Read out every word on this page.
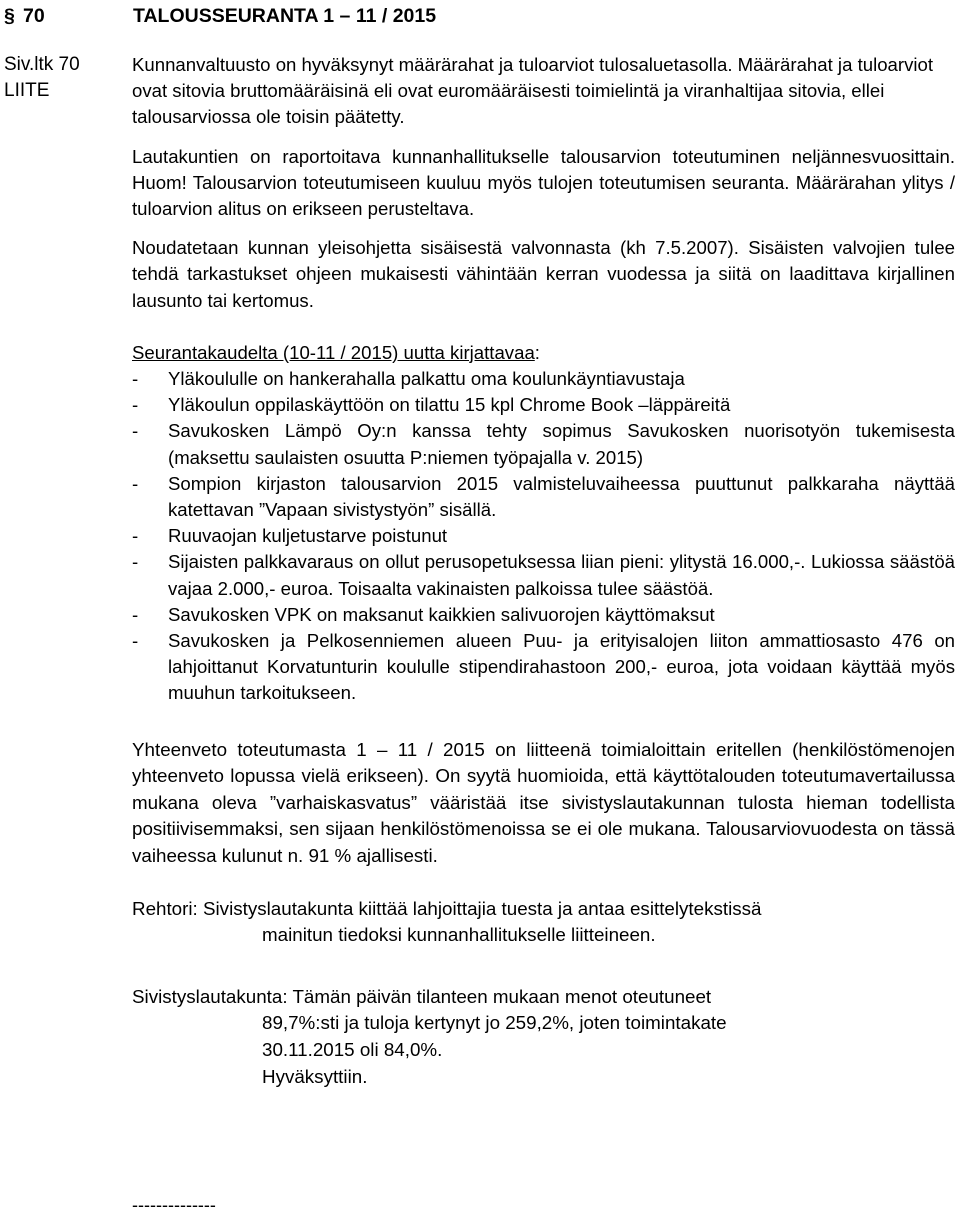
§ 70	TALOUSSEURANTA 1 – 11 / 2015
Siv.ltk 70
LIITE

Kunnanvaltuusto on hyväksynyt määrärahat ja tuloarviot tulosaluetasolla. Määrärahat ja tuloarviot ovat sitovia bruttomääräisinä eli ovat euromääräisesti toimielintä ja viranhaltijaa sitovia, ellei talousarviossa ole toisin päätetty.

Lautakuntien on raportoitava kunnanhallitukselle talousarvion toteutuminen neljännesvuosittain. Huom! Talousarvion toteutumiseen kuuluu myös tulojen toteutumisen seuranta. Määrärahan ylitys / tuloarvion alitus on erikseen perusteltava.

Noudatetaan kunnan yleisohjetta sisäisestä valvonnasta (kh 7.5.2007). Sisäisten valvojien tulee tehdä tarkastukset ohjeen mukaisesti vähintään kerran vuodessa ja siitä on laadittava kirjallinen lausunto tai kertomus.

Seurantakaudelta (10-11 / 2015) uutta kirjattavaa:

- Yläkoululle on hankerahalla palkattu oma koulunkäyntiavustaja
- Yläkoulun oppilaskäyttöön on tilattu 15 kpl Chrome Book –läppäreitä
- Savukosken Lämpö Oy:n kanssa tehty sopimus Savukosken nuorisotyön tukemisesta (maksettu saulaisten osuutta P:niemen työpajalla v. 2015)
- Sompion kirjaston talousarvion 2015 valmisteluvaiheessa puuttunut palkkaraha näyttää katettavan ”Vapaan sivistystyön” sisällä.
- Ruuvaojan kuljetustarve poistunut
- Sijaisten palkkavaraus on ollut perusopetuksessa liian pieni: ylitystä 16.000,-. Lukiossa säästöä vajaa 2.000,- euroa. Toisaalta vakinaisten palkoissa tulee säästöä.
- Savukosken VPK on maksanut kaikkien salivuorojen käyttömaksut
- Savukosken ja Pelkosenniemen alueen Puu- ja erityisalojen liiton ammattiosasto 476 on lahjoittanut Korvatunturin koululle stipendirahastoon 200,- euroa, jota voidaan käyttää myös muuhun tarkoitukseen.

Yhteenveto toteutumasta 1 – 11 / 2015 on liitteenä toimialoittain eritellen (henkilöstömenojen yhteenveto lopussa vielä erikseen). On syytä huomioida, että käyttötalouden toteutumavertailussa mukana oleva ”varhaiskasvatus” vääristää itse sivistyslautakunnan tulosta hieman todellista positiivisemmaksi, sen sijaan henkilöstömenoissa se ei ole mukana. Talousarviovuodesta on tässä vaiheessa kulunut n. 91 % ajallisesti.

Rehtori: Sivistyslautakunta kiittää lahjoittajia tuesta ja antaa esittelytekstissä
mainitun tiedoksi kunnanhallitukselle liitteineen.
Sivistyslautakunta: Tämän päivän tilanteen mukaan menot oteutuneet
89,7%:sti ja tuloja kertynyt jo 259,2%, joten toimintakate
30.11.2015 oli 84,0%.
Hyväksyttiin.
--------------
